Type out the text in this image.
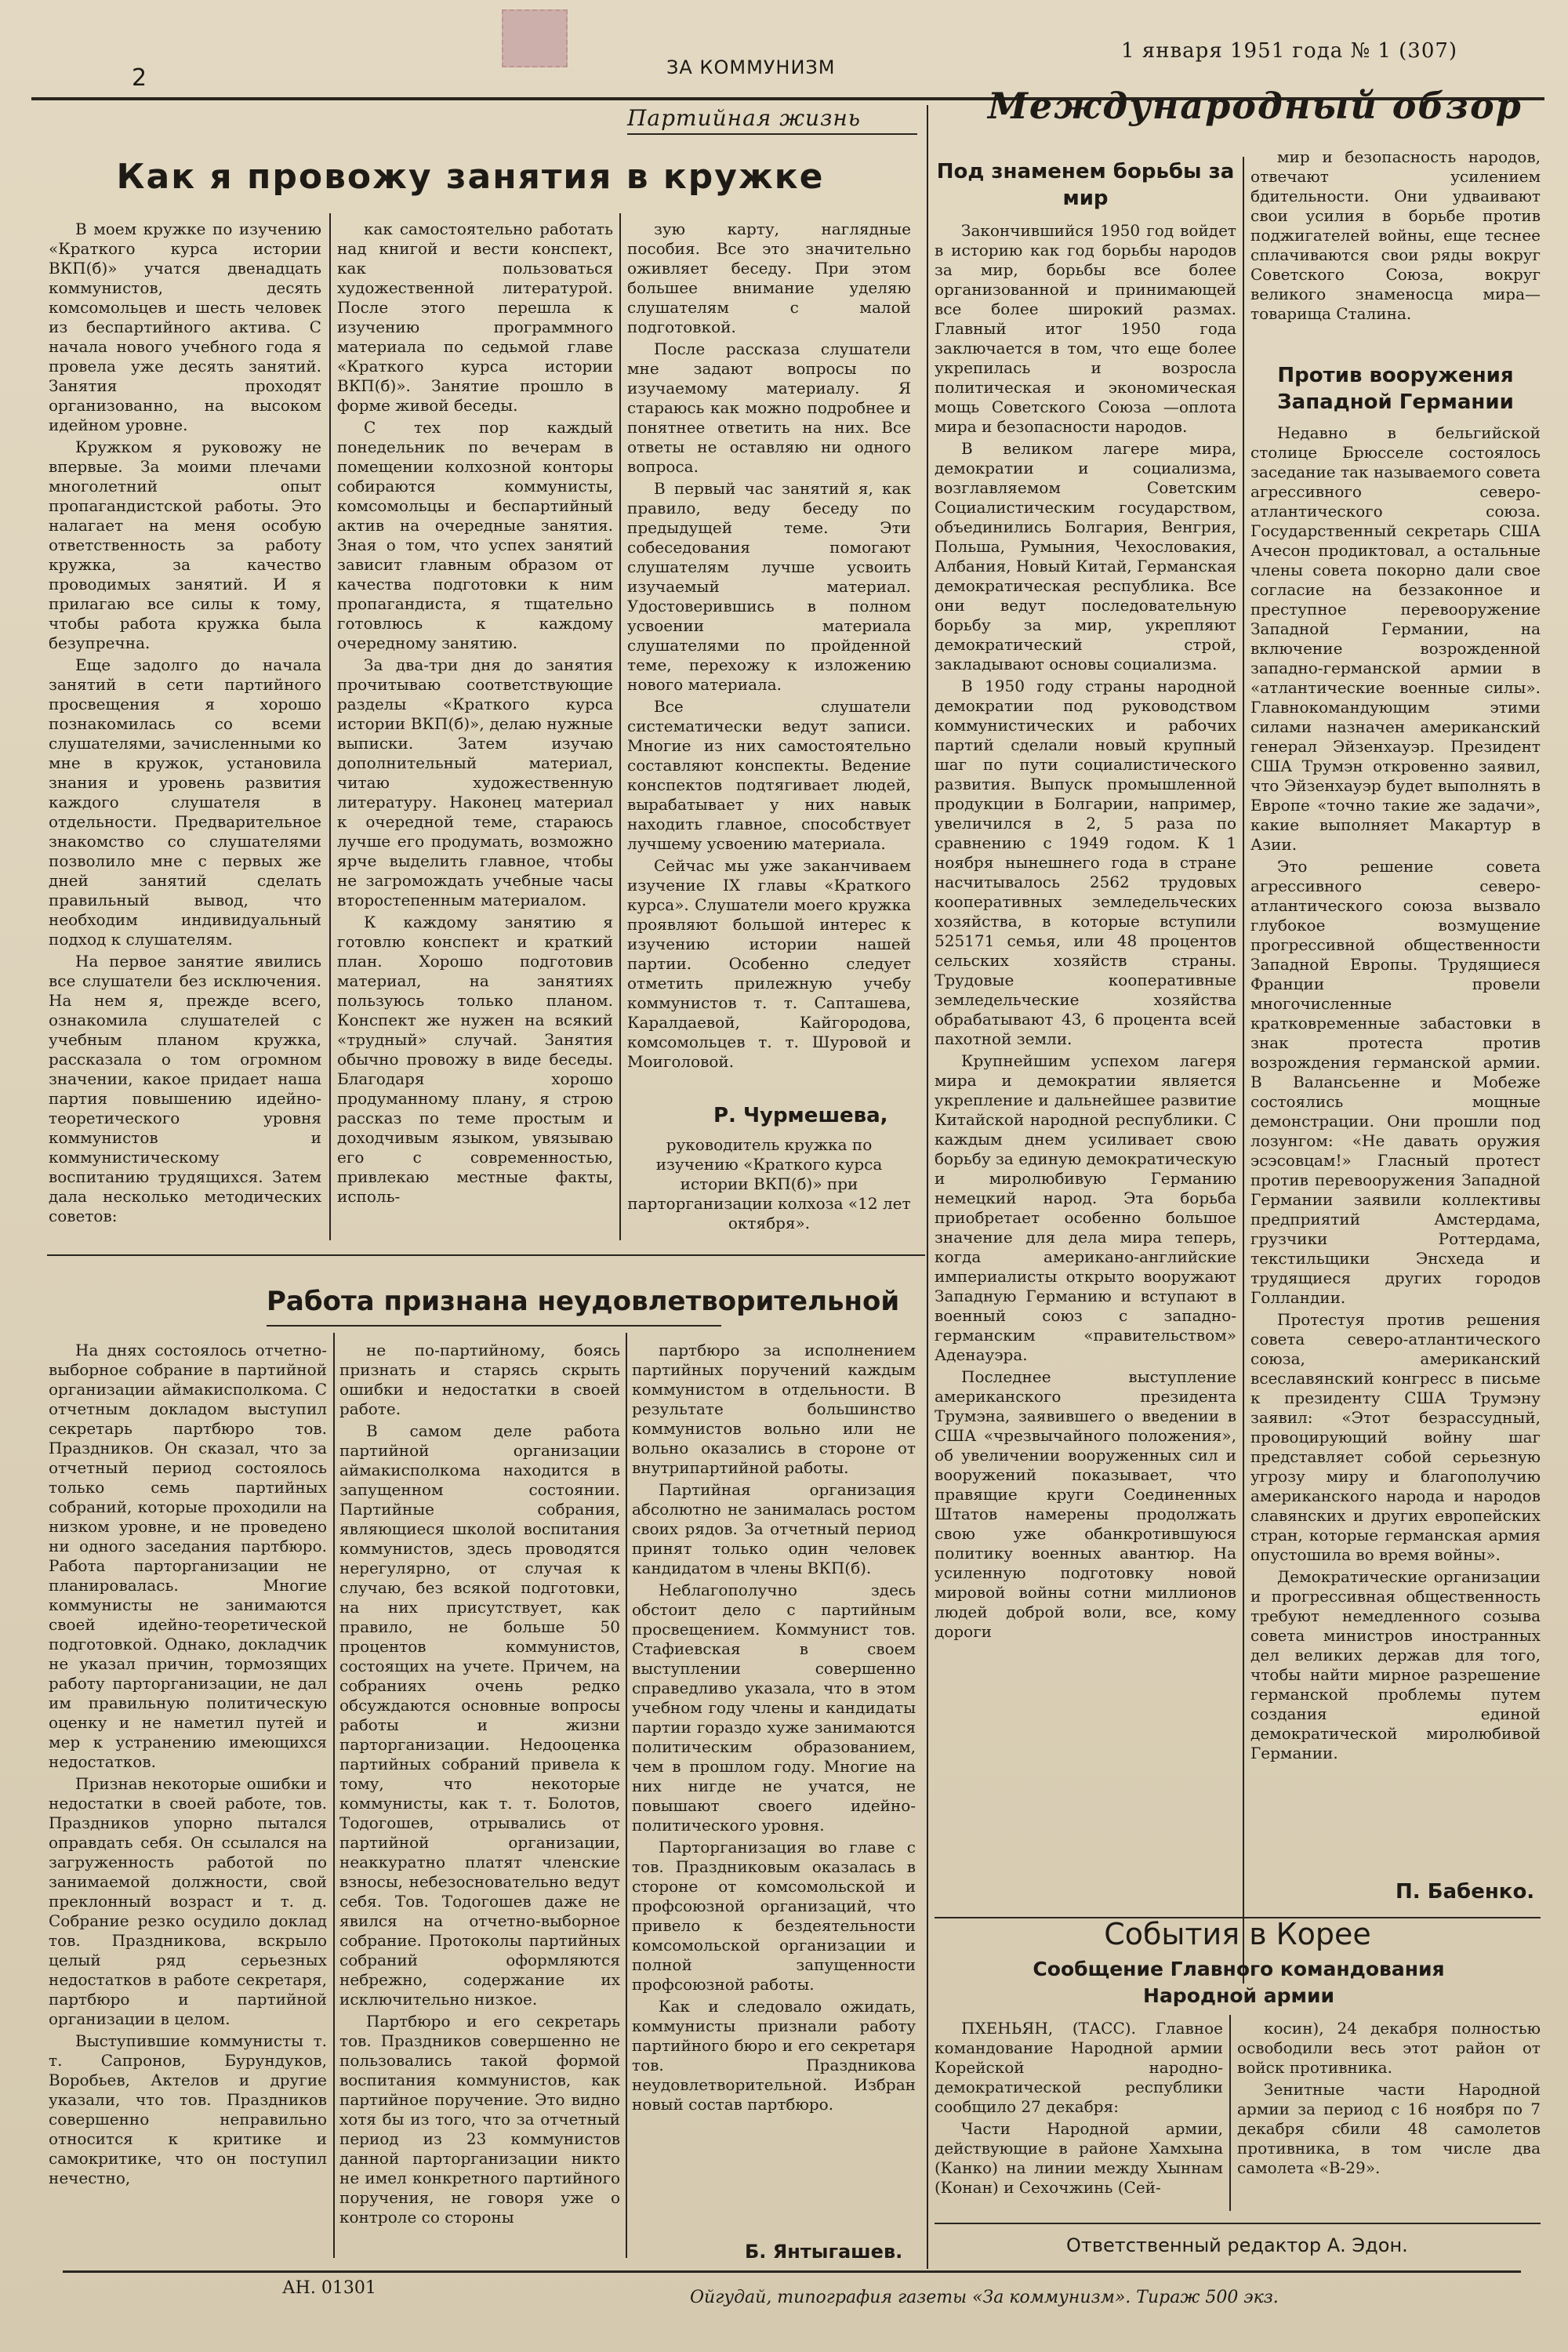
2	ЗА КОММУНИЗМ
1 января 1951 года № 1 (307)
Партийная жизнь
Как я провожу занятия в кружке

В моем кружке по изучению «Краткого курса истории ВКП(б)» учатся двенадцать коммунистов, десять комсомольцев и шесть человек из беспартийного актива. С начала нового учебного года я провела уже десять занятий. Занятия проходят организованно, на высоком идейном уровне.

Кружком я руковожу не впервые. За моими плечами многолетний опыт пропагандистской работы. Это налагает на меня особую ответственность за работу кружка, за качество проводимых занятий. И я прилагаю все силы к тому, чтобы работа кружка была безупречна.

Еще задолго до начала занятий в сети партийного просвещения я хорошо познакомилась со всеми слушателями, зачисленными ко мне в кружок, установила знания и уровень развития каждого слушателя в отдельности. Предварительное знакомство со слушателями позволило мне с первых же дней занятий сделать правильный вывод, что необходим индивидуальный подход к слушателям.

На первое занятие явились все слушатели без исключения. На нем я, прежде всего, ознакомила слушателей с учебным планом кружка, рассказала о том огромном значении, какое придает наша партия повышению идейно-теоретического уровня коммунистов и коммунистическому воспитанию трудящихся. Затем дала несколько методических советов:

как самостоятельно работать над книгой и вести конспект, как пользоваться художественной литературой. После этого перешла к изучению программного материала по седьмой главе «Краткого курса истории ВКП(б)». Занятие прошло в форме живой беседы.

С тех пор каждый понедельник по вечерам в помещении колхозной конторы собираются коммунисты, комсомольцы и беспартийный актив на очередные занятия. Зная о том, что успех занятий зависит главным образом от качества подготовки к ним пропагандиста, я тщательно готовлюсь к каждому очередному занятию.

За два-три дня до занятия прочитываю соответствующие разделы «Краткого курса истории ВКП(б)», делаю нужные выписки. Затем изучаю дополнительный материал, читаю художественную литературу. Наконец материал к очередной теме, стараюсь лучше его продумать, возможно ярче выделить главное, чтобы не загромождать учебные часы второстепенным материалом.

К каждому занятию я готовлю конспект и краткий план. Хорошо подготовив материал, на занятиях пользуюсь только планом. Конспект же нужен на всякий «трудный» случай. Занятия обычно провожу в виде беседы. Благодаря хорошо продуманному плану, я строю рассказ по теме простым и доходчивым языком, увязываю его с современностью, привлекаю местные факты, исполь-

зую карту, наглядные пособия. Все это значительно оживляет беседу. При этом большее внимание уделяю слушателям с малой подготовкой.

После рассказа слушатели мне задают вопросы по изучаемому материалу. Я стараюсь как можно подробнее и понятнее ответить на них. Все ответы не оставляю ни одного вопроса.

В первый час занятий я, как правило, веду беседу по предыдущей теме. Эти собеседования помогают слушателям лучше усвоить изучаемый материал. Удостоверившись в полном усвоении материала слушателями по пройденной теме, перехожу к изложению нового материала.

Все слушатели систематически ведут записи. Многие из них самостоятельно составляют конспекты. Ведение конспектов подтягивает людей, вырабатывает у них навык находить главное, способствует лучшему усвоению материала.

Сейчас мы уже заканчиваем изучение IX главы «Краткого курса». Слушатели моего кружка проявляют большой интерес к изучению истории нашей партии. Особенно следует отметить прилежную учебу коммунистов т. т. Сапташева, Каралдаевой, Кайгородова, комсомольцев т. т. Шуровой и Моиголовой.

Р. Чурмешева,
руководитель кружка по изучению «Краткого курса истории ВКП(б)» при парторганизации колхоза «12 лет октября».
Работа признана неудовлетворительной

На днях состоялось отчетно-выборное собрание в партийной организации аймакисполкома. С отчетным докладом выступил секретарь партбюро тов. Праздников. Он сказал, что за отчетный период состоялось только семь партийных собраний, которые проходили на низком уровне, и не проведено ни одного заседания партбюро. Работа парторганизации не планировалась. Многие коммунисты не занимаются своей идейно-теоретической подготовкой. Однако, докладчик не указал причин, тормозящих работу парторганизации, не дал им правильную политическую оценку и не наметил путей и мер к устранению имеющихся недостатков.

Признав некоторые ошибки и недостатки в своей работе, тов. Праздников упорно пытался оправдать себя. Он ссылался на загруженность работой по занимаемой должности, свой преклонный возраст и т. д. Собрание резко осудило доклад тов. Праздникова, вскрыло целый ряд серьезных недостатков в работе секретаря, партбюро и партийной организации в целом.

Выступившие коммунисты т. т. Сапронов, Бурундуков, Воробьев, Актелов и другие указали, что тов. Праздников совершенно неправильно относится к критике и самокритике, что он поступил нечестно,

не по-партийному, боясь признать и старясь скрыть ошибки и недостатки в своей работе.

В самом деле работа партийной организации аймакисполкома находится в запущенном состоянии. Партийные собрания, являющиеся школой воспитания коммунистов, здесь проводятся нерегулярно, от случая к случаю, без всякой подготовки, на них присутствует, как правило, не больше 50 процентов коммунистов, состоящих на учете. Причем, на собраниях очень редко обсуждаются основные вопросы работы и жизни парторганизации. Недооценка партийных собраний привела к тому, что некоторые коммунисты, как т. т. Болотов, Тодогошев, отрывались от партийной организации, неаккуратно платят членские взносы, небезосновательно ведут себя. Тов. Тодогошев даже не явился на отчетно-выборное собрание. Протоколы партийных собраний оформляются небрежно, содержание их исключительно низкое.

Партбюро и его секретарь тов. Праздников совершенно не пользовались такой формой воспитания коммунистов, как партийное поручение. Это видно хотя бы из того, что за отчетный период из 23 коммунистов данной парторганизации никто не имел конкретного партийного поручения, не говоря уже о контроле со стороны

партбюро за исполнением партийных поручений каждым коммунистом в отдельности. В результате большинство коммунистов вольно или не вольно оказались в стороне от внутрипартийной работы.

Партийная организация абсолютно не занималась ростом своих рядов. За отчетный период принят только один человек кандидатом в члены ВКП(б).

Неблагополучно здесь обстоит дело с партийным просвещением. Коммунист тов. Стафиевская в своем выступлении совершенно справедливо указала, что в этом учебном году члены и кандидаты партии гораздо хуже занимаются политическим образованием, чем в прошлом году. Многие на них нигде не учатся, не повышают своего идейно-политического уровня.

Парторганизация во главе с тов. Праздниковым оказалась в стороне от комсомольской и профсоюзной организаций, что привело к бездеятельности комсомольской организации и полной запущенности профсоюзной работы.

Как и следовало ожидать, коммунисты признали работу партийного бюро и его секретаря тов. Праздникова неудовлетворительной. Избран новый состав партбюро.

Б. Янтыгашев.
Международный обзор
Под знаменем борьбы за мир

Закончившийся 1950 год войдет в историю как год борьбы народов за мир, борьбы все более организованной и принимающей все более широкий размах. Главный итог 1950 года заключается в том, что еще более укрепилась и возросла политическая и экономическая мощь Советского Союза —оплота мира и безопасности народов.

В великом лагере мира, демократии и социализма, возглавляемом Советским Социалистическим государством, объединились Болгария, Венгрия, Польша, Румыния, Чехословакия, Албания, Новый Китай, Германская демократическая республика. Все они ведут последовательную борьбу за мир, укрепляют демократический строй, закладывают основы социализма.

В 1950 году страны народной демократии под руководством коммунистических и рабочих партий сделали новый крупный шаг по пути социалистического развития. Выпуск промышленной продукции в Болгарии, например, увеличился в 2, 5 раза по сравнению с 1949 годом. К 1 ноября нынешнего года в стране насчитывалось 2562 трудовых кооперативных земледельческих хозяйства, в которые вступили 525171 семья, или 48 процентов сельских хозяйств страны. Трудовые кооперативные земледельческие хозяйства обрабатывают 43, 6 процента всей пахотной земли.

Крупнейшим успехом лагеря мира и демократии является укрепление и дальнейшее развитие Китайской народной республики. С каждым днем усиливает свою борьбу за единую демократическую и миролюбивую Германию немецкий народ. Эта борьба приобретает особенно большое значение для дела мира теперь, когда американо-английские империалисты открыто вооружают Западную Германию и вступают в военный союз с западно-германским «правительством» Аденауэра.

Последнее выступление американского президента Трумэна, заявившего о введении в США «чрезвычайного положения», об увеличении вооруженных сил и вооружений показывает, что правящие круги Соединенных Штатов намерены продолжать свою уже обанкротившуюся политику военных авантюр. На усиленную подготовку новой мировой войны сотни миллионов людей доброй воли, все, кому дороги

мир и безопасность народов, отвечают усилением бдительности. Они удваивают свои усилия в борьбе против поджигателей войны, еще теснее сплачиваются свои ряды вокруг Советского Союза, вокруг великого знаменосца мира—товарища Сталина.

Против вооружения Западной Германии

Недавно в бельгийской столице Брюсселе состоялось заседание так называемого совета агрессивного северо-атлантического союза. Государственный секретарь США Ачесон продиктовал, а остальные члены совета покорно дали свое согласие на беззаконное и преступное перевооружение Западной Германии, на включение возрожденной западно-германской армии в «атлантические военные силы». Главнокомандующим этими силами назначен американский генерал Эйзенхауэр. Президент США Трумэн откровенно заявил, что Эйзенхауэр будет выполнять в Европе «точно такие же задачи», какие выполняет Макартур в Азии.

Это решение совета агрессивного северо-атлантического союза вызвало глубокое возмущение прогрессивной общественности Западной Европы. Трудящиеся Франции провели многочисленные кратковременные забастовки в знак протеста против возрождения германской армии. В Валансьенне и Мобеже состоялись мощные демонстрации. Они прошли под лозунгом: «Не давать оружия эсэсовцам!» Гласный протест против перевооружения Западной Германии заявили коллективы предприятий Амстердама, грузчики Роттердама, текстильщики Энсхеда и трудящиеся других городов Голландии.

Протестуя против решения совета северо-атлантического союза, американский всеславянский конгресс в письме к президенту США Трумэну заявил: «Этот безрассудный, провоцирующий войну шаг представляет собой серьезную угрозу миру и благополучию американского народа и народов славянских и других европейских стран, которые германская армия опустошила во время войны».

Демократические организации и прогрессивная общественность требуют немедленного созыва совета министров иностранных дел великих держав для того, чтобы найти мирное разрешение германской проблемы путем создания единой демократической миролюбивой Германии.

П. Бабенко.
События в Корее
Сообщение Главного командования Народной армии

ПХЕНЬЯН, (ТАСС). Главное командование Народной армии Корейской народно-демократической республики сообщило 27 декабря:

Части Народной армии, действующие в районе Хамхына (Канко) на линии между Хыннам (Конан) и Сехочжинь (Сей-

косин), 24 декабря полностью освободили весь этот район от войск противника.

Зенитные части Народной армии за период с 16 ноября по 7 декабря сбили 48 самолетов противника, в том числе два самолета «В-29».

Ответственный редактор А. Эдон.
АН. 01301	Ойгудай, типография газеты «За коммунизм». Тираж 500 экз.
